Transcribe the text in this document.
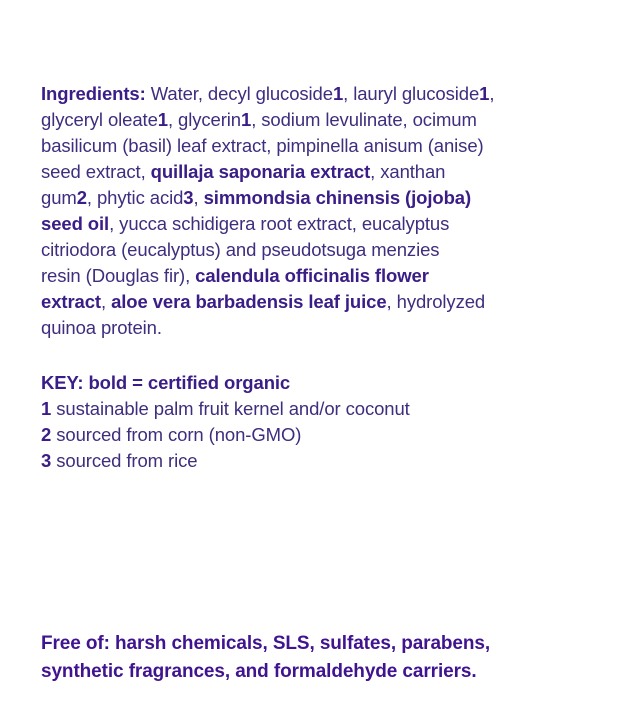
Ingredients: Water, decyl glucoside1, lauryl glucoside1,
glyceryl oleate1, glycerin1, sodium levulinate, ocimum
basilicum (basil) leaf extract, pimpinella anisum (anise)
seed extract, quillaja saponaria extract, xanthan
gum2, phytic acid3, simmondsia chinensis (jojoba)
seed oil, yucca schidigera root extract, eucalyptus
citriodora (eucalyptus) and pseudotsuga menzies
resin (Douglas fir), calendula officinalis flower
extract, aloe vera barbadensis leaf juice, hydrolyzed
quinoa protein.
KEY: bold = certified organic
1 sustainable palm fruit kernel and/or coconut
2 sourced from corn (non-GMO)
3 sourced from rice
Free of: harsh chemicals, SLS, sulfates, parabens,
synthetic fragrances, and formaldehyde carriers.
